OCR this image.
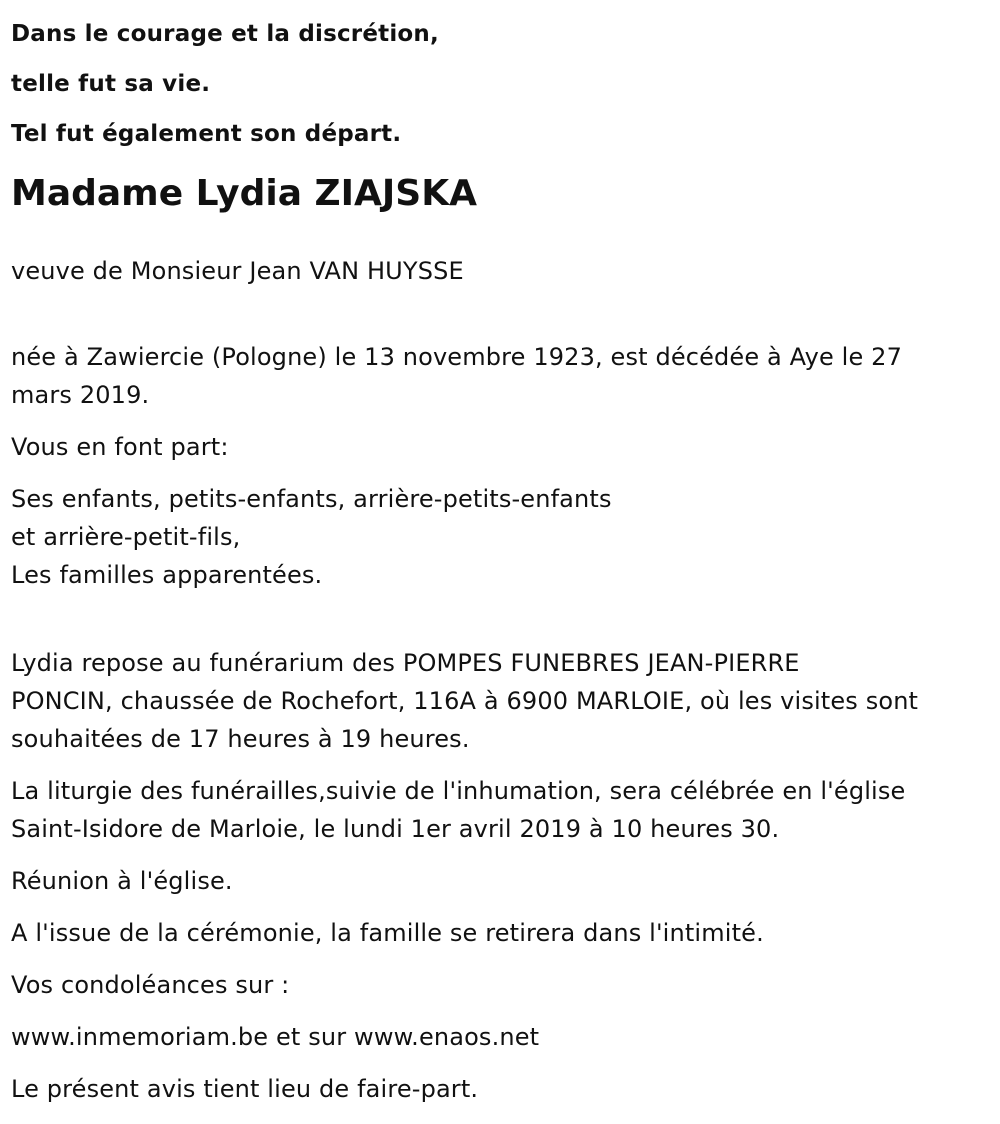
Dans le courage et la discrétion,
telle fut sa vie.
Tel fut également son départ.
Madame Lydia ZIAJSKA

veuve de Monsieur Jean VAN HUYSSE

née à Zawiercie (Pologne) le 13 novembre 1923, est décédée à Aye le 27
mars 2019.

Vous en font part:

Ses enfants, petits-enfants, arrière-petits-enfants
et arrière-petit-fils,
Les familles apparentées.
Lydia repose au funérarium des POMPES FUNEBRES JEAN-PIERRE
PONCIN, chaussée de Rochefort, 116A à 6900 MARLOIE, où les visites sont
souhaitées de 17 heures à 19 heures.
La liturgie des funérailles,suivie de l'inhumation, sera célébrée en l'église
Saint-Isidore de Marloie, le lundi 1er avril 2019 à 10 heures 30.

Réunion à l'église.

A l'issue de la cérémonie, la famille se retirera dans l'intimité.

Vos condoléances sur :

www.inmemoriam.be et sur www.enaos.net

Le présent avis tient lieu de faire-part.
